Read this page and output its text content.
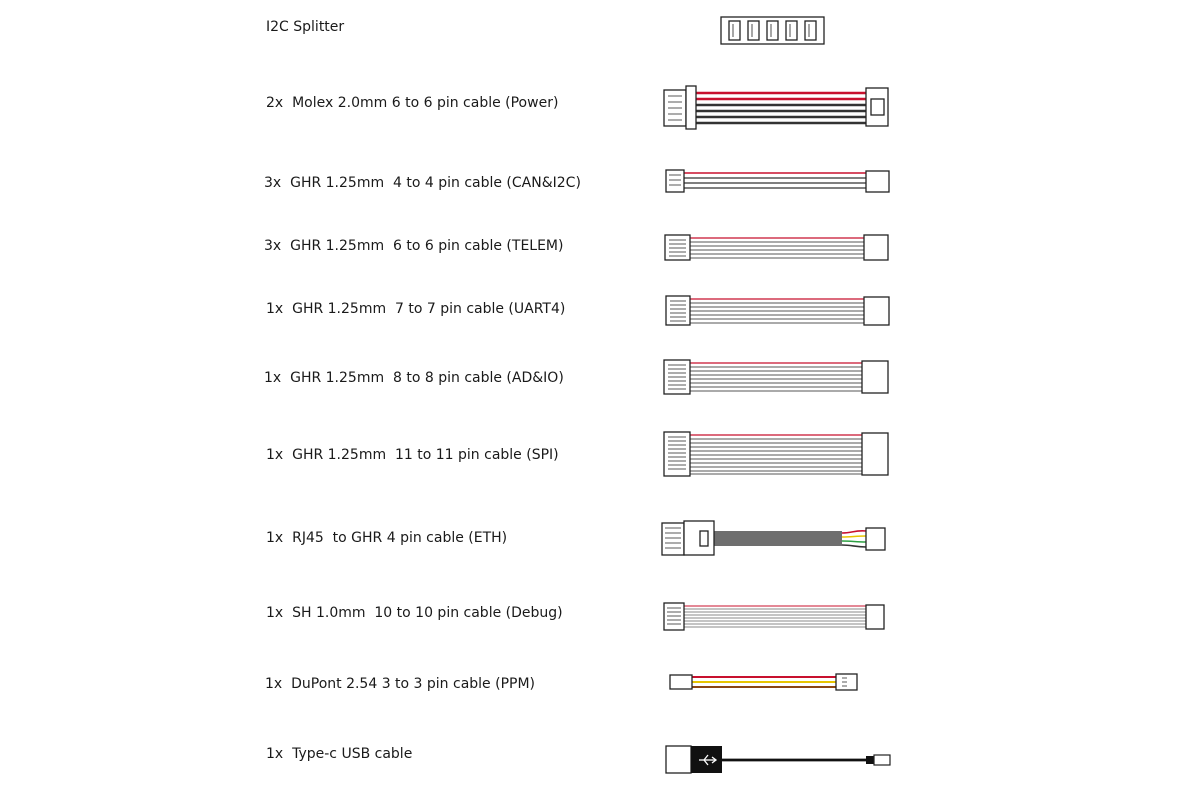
I2C Splitter
2x  Molex 2.0mm 6 to 6 pin cable (Power)
3x  GHR 1.25mm  4 to 4 pin cable (CAN&I2C)
3x  GHR 1.25mm  6 to 6 pin cable (TELEM)
1x  GHR 1.25mm  7 to 7 pin cable (UART4)
1x  GHR 1.25mm  8 to 8 pin cable (AD&IO)
1x  GHR 1.25mm  11 to 11 pin cable (SPI)
1x  RJ45  to GHR 4 pin cable (ETH)
1x  SH 1.0mm  10 to 10 pin cable (Debug)
1x  DuPont 2.54 3 to 3 pin cable (PPM)
1x  Type-c USB cable
